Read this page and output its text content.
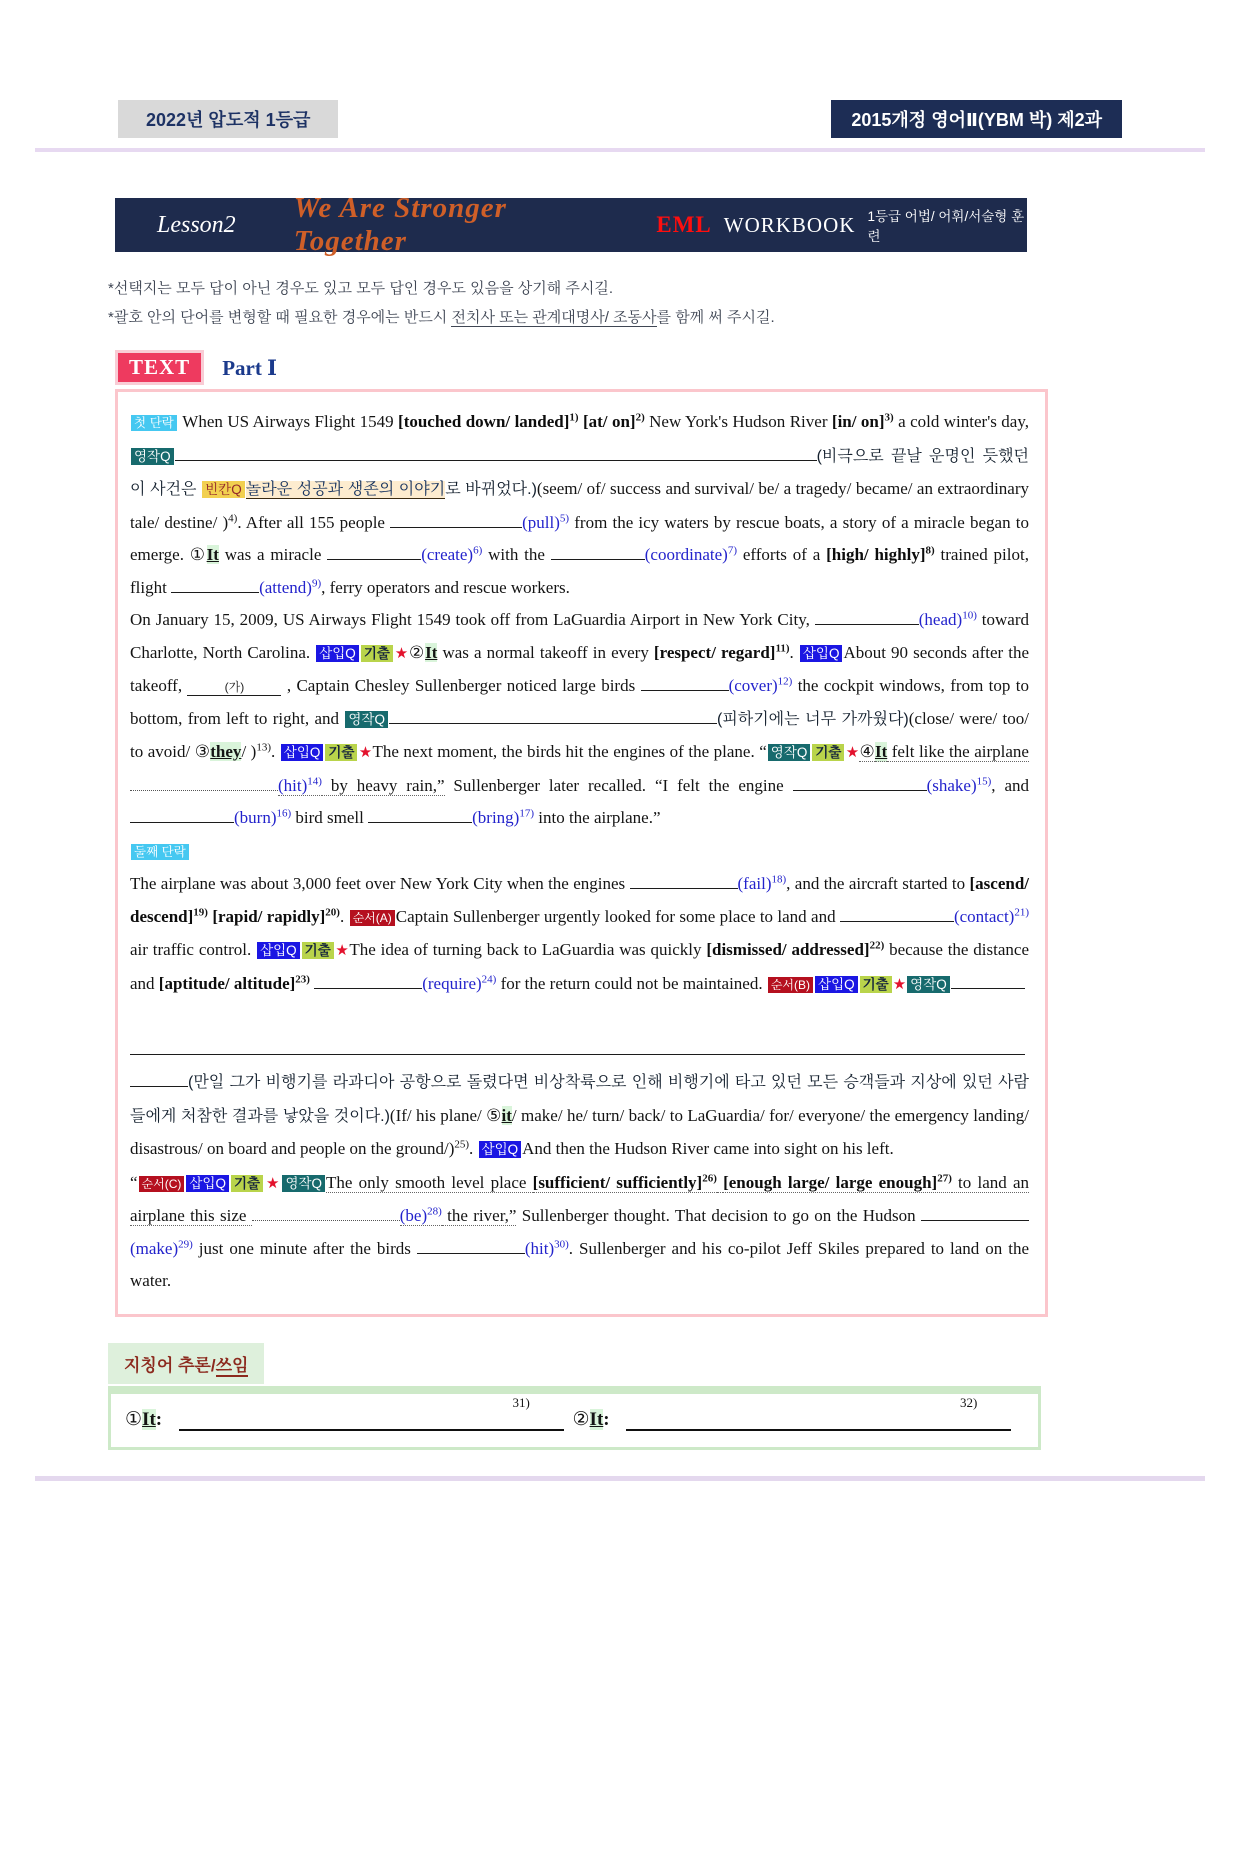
2022년 압도적 1등급	2015개정 영어Ⅱ(YBM 박) 제2과
Lesson2
We Are Stronger Together
EML WORKBOOK 1등급 어법/ 어휘/서술형 훈련
*선택지는 모두 답이 아닌 경우도 있고 모두 답인 경우도 있음을 상기해 주시길.
*괄호 안의 단어를 변형할 때 필요한 경우에는 반드시 전치사 또는 관계대명사/ 조동사를 함께 써 주시길.
TEXT	Part Ⅰ
첫 단락 When US Airways Flight 1549 [touched down/ landed]$^{1)}$ [at/ on]$^{2)}$ New York's Hudson River [in/ on]$^{3)}$ a cold winter's day, 영작Q	(비극으로 끝날 운명인 듯했던 이 사건은 빈칸Q 놀라운 성공과 생존의 이야기로 바뀌었다.)(seem/ of/ success and survival/ be/ a tragedy/ became/ an extraordinary tale/ destine/ )$^{4)}$. After all 155 people	(pull)$^{5)}$ from the icy waters by rescue boats, a story of a miracle began to emerge. ①It was a miracle	(create)$^{6)}$ with the	(coordinate)$^{7)}$ efforts of a [high/ highly]$^{8)}$ trained pilot, flight	(attend)$^{9)}$, ferry operators and rescue workers.
On January 15, 2009, US Airways Flight 1549 took off from LaGuardia Airport in New York City,	(head)$^{10)}$ toward Charlotte, North Carolina. 삽입Q 기출 ★②It was a normal takeoff in every [respect/ regard]$^{11)}$. 삽입Q About 90 seconds after the takeoff,	(가) , Captain Chesley Sullenberger noticed large birds	(cover)$^{12)}$ the cockpit windows, from top to bottom, from left to right, and 영작Q	(피하기에는 너무 가까웠다)(close/ were/ too/ to avoid/ ③they/ )$^{13)}$. 삽입Q 기출 ★The next moment, the birds hit the engines of the plane. “ 영작Q 기출 ★④It felt like the airplane (hit)$^{14)}$ by heavy rain,” Sullenberger later recalled. “I felt the engine	(shake)$^{15)}$, and (burn)$^{16)}$ bird smell	(bring)$^{17)}$ into the airplane.”
둘째 단락
The airplane was about 3,000 feet over New York City when the engines	(fail)$^{18)}$, and the aircraft started to [ascend/ descend]$^{19)}$ [rapid/ rapidly]$^{20)}$. 순서(A) Captain Sullenberger urgently looked for some place to land and	(contact)$^{21)}$ air traffic control. 삽입Q 기출 ★The idea of turning back to LaGuardia was quickly [dismissed/ addressed]$^{22)}$ because the distance and [aptitude/ altitude]$^{23)}$	(require)$^{24)}$ for the return could not be maintained. 순서(B) 삽입Q 기출 ★ 영작Q

(만일 그가 비행기를 라과디아 공항으로 돌렸다면 비상착륙으로 인해 비행기에 타고 있던 모든 승객들과 지상에 있던 사람들에게 처참한 결과를 낳았을 것이다.)(If/ his plane/ ⑤it/ make/ he/ turn/ back/ to LaGuardia/ for/ everyone/ the emergency landing/ disastrous/ on board and people on the ground/)$^{25)}$. 삽입Q And then the Hudson River came into sight on his left.
“ 순서(C) 삽입Q 기출 ★ 영작Q The only smooth level place [sufficient/ sufficiently]$^{26)}$ [enough large/ large enough]$^{27)}$ to land an airplane this size	(be)$^{28)}$ the river,” Sullenberger thought. That decision to go on the Hudson (make)$^{29)}$ just one minute after the birds	(hit)$^{30)}$. Sullenberger and his co-pilot Jeff Skiles prepared to land on the water.
지칭어 추론/쓰임
①It: $^{31)}$
②It: $^{32)}$
